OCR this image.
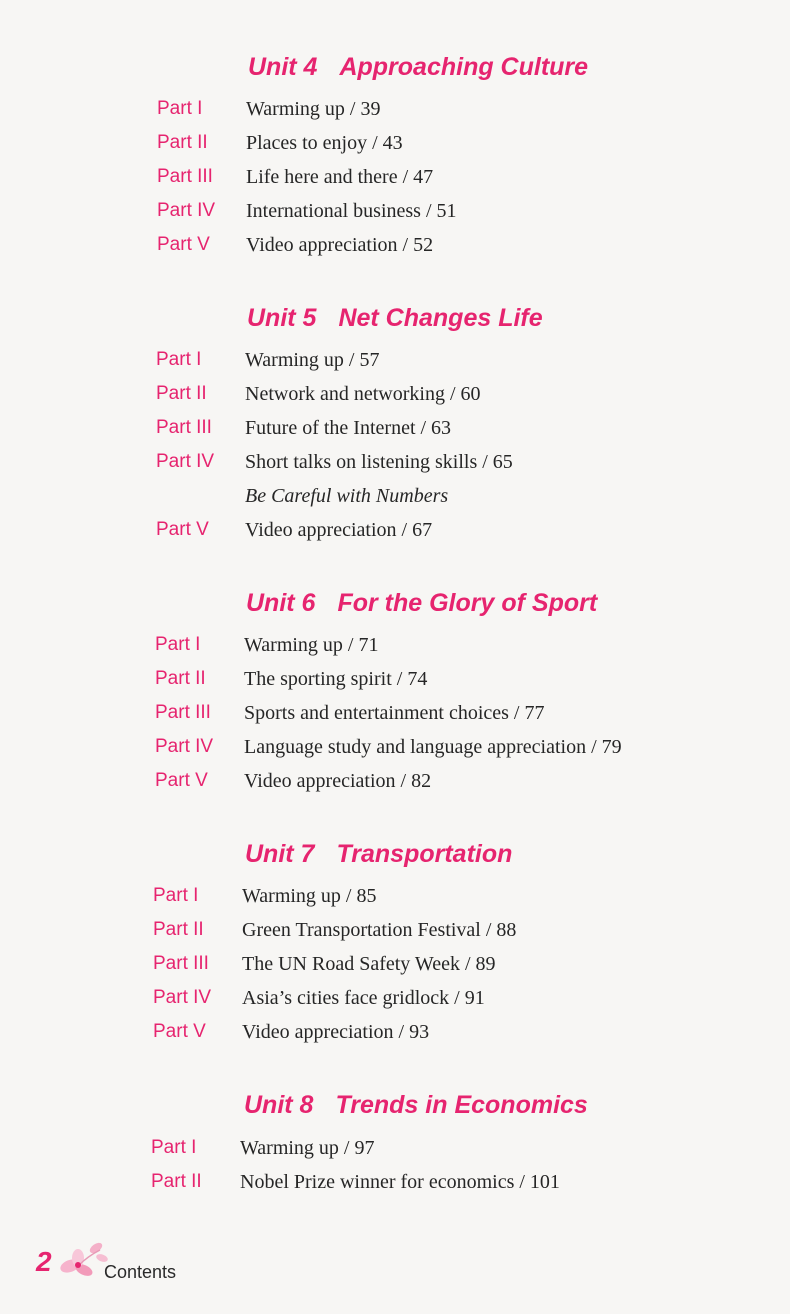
Unit 4 Approaching Culture
Part I Warming up / 39
Part II Places to enjoy / 43
Part III Life here and there / 47
Part IV International business / 51
Part V Video appreciation / 52
Unit 5 Net Changes Life
Part I Warming up / 57
Part II Network and networking / 60
Part III Future of the Internet / 63
Part IV Short talks on listening skills / 65
Be Careful with Numbers
Part V Video appreciation / 67
Unit 6 For the Glory of Sport
Part I Warming up / 71
Part II The sporting spirit / 74
Part III Sports and entertainment choices / 77
Part IV Language study and language appreciation / 79
Part V Video appreciation / 82
Unit 7 Transportation
Part I Warming up / 85
Part II Green Transportation Festival / 88
Part III The UN Road Safety Week / 89
Part IV Asia’s cities face gridlock / 91
Part V Video appreciation / 93
Unit 8 Trends in Economics
Part I Warming up / 97
Part II Nobel Prize winner for economics / 101
2	Contents
